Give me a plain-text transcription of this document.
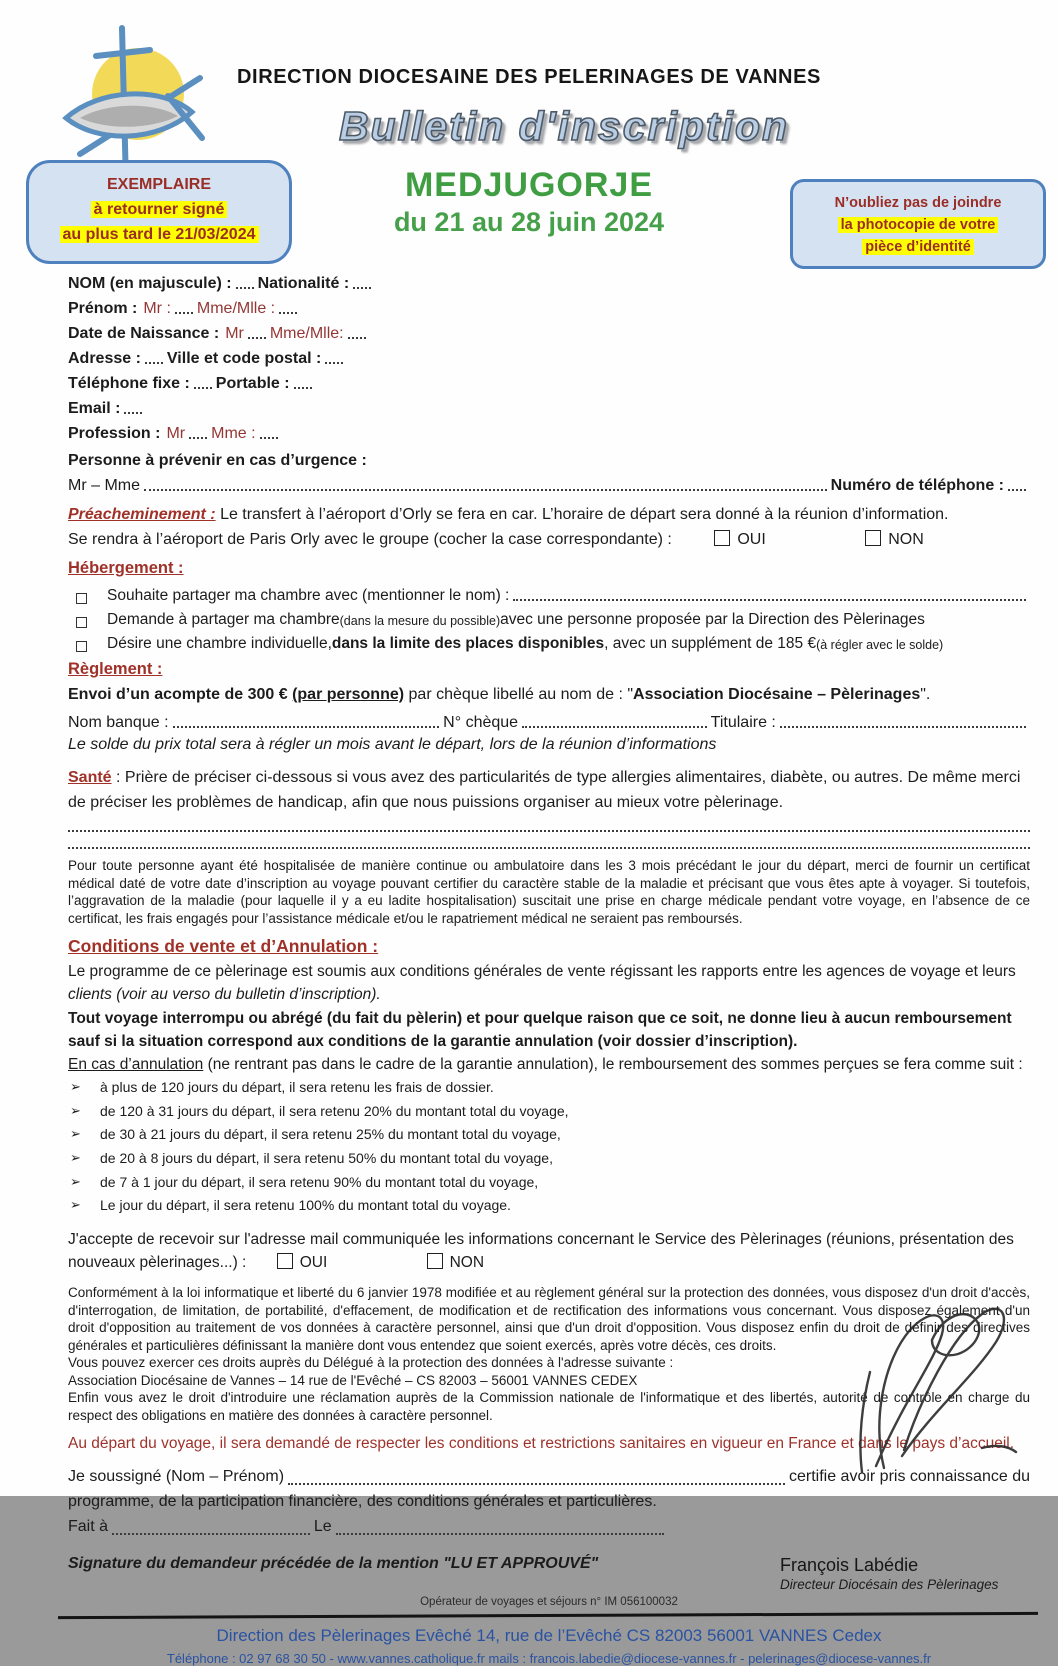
DIRECTION DIOCESAINE DES PELERINAGES DE VANNES
Bulletin d'inscription
MEDJUGORJE
du 21 au 28 juin 2024
EXEMPLAIRE
à retourner signé
au plus tard le 21/03/2024
N’oubliez pas de joindre
la photocopie de votre
pièce d’identité
NOM (en majuscule) : Nationalité :
Prénom : Mr : Mme/Mlle :
Date de Naissance : Mr Mme/Mlle:
Adresse : Ville et code postal :
Téléphone fixe : Portable :
Email :
Profession : Mr Mme :
Personne à prévenir en cas d’urgence :
Mr – Mme	Numéro de téléphone :
Préacheminement : Le transfert à l’aéroport d’Orly se fera en car. L’horaire de départ sera donné à la réunion d’information.
Se rendra à l’aéroport de Paris Orly avec le groupe (cocher la case correspondante) :	OUI	NON
Hébergement :
Souhaite partager ma chambre avec (mentionner le nom) :
Demande à partager ma chambre (dans la mesure du possible) avec une personne proposée par la Direction des Pèlerinages
Désire une chambre individuelle, dans la limite des places disponibles , avec un supplément de 185 € (à régler avec le solde)
Règlement :
Envoi d’un acompte de 300 € (par personne) par chèque libellé au nom de : "Association Diocésaine – Pèlerinages".
Nom banque :	N° chèque	Titulaire :
Le solde du prix total sera à régler un mois avant le départ, lors de la réunion d’informations
Santé : Prière de préciser ci-dessous si vous avez des particularités de type allergies alimentaires, diabète, ou autres. De même merci de préciser les problèmes de handicap, afin que nous puissions organiser au mieux votre pèlerinage.
Pour toute personne ayant été hospitalisée de manière continue ou ambulatoire dans les 3 mois précédant le jour du départ, merci de fournir un certificat médical daté de votre date d’inscription au voyage pouvant certifier du caractère stable de la maladie et précisant que vous êtes apte à voyager. Si toutefois, l’aggravation de la maladie (pour laquelle il y a eu ladite hospitalisation) suscitait une prise en charge médicale pendant votre voyage, en l’absence de ce certificat, les frais engagés pour l’assistance médicale et/ou le rapatriement médical ne seraient pas remboursés.
Conditions de vente et d’Annulation :
Le programme de ce pèlerinage est soumis aux conditions générales de vente régissant les rapports entre les agences de voyage et leurs clients (voir au verso du bulletin d’inscription).
Tout voyage interrompu ou abrégé (du fait du pèlerin) et pour quelque raison que ce soit, ne donne lieu à aucun remboursement sauf si la situation correspond aux conditions de la garantie annulation (voir dossier d’inscription).
En cas d’annulation (ne rentrant pas dans le cadre de la garantie annulation), le remboursement des sommes perçues se fera comme suit :
➢	à plus de 120 jours du départ, il sera retenu les frais de dossier.
➢	de 120 à 31 jours du départ, il sera retenu 20% du montant total du voyage,
➢	de 30 à 21 jours du départ, il sera retenu 25% du montant total du voyage,
➢	de 20 à 8 jours du départ, il sera retenu 50% du montant total du voyage,
➢	de 7 à 1 jour du départ, il sera retenu 90% du montant total du voyage,
➢	Le jour du départ, il sera retenu 100% du montant total du voyage.
J'accepte de recevoir sur l'adresse mail communiquée les informations concernant le Service des Pèlerinages (réunions, présentation des nouveaux pèlerinages...) :	OUI	NON
Conformément à la loi informatique et liberté du 6 janvier 1978 modifiée et au règlement général sur la protection des données, vous disposez d'un droit d'accès, d'interrogation, de limitation, de portabilité, d'effacement, de modification et de rectification des informations vous concernant. Vous disposez également d'un droit d'opposition au traitement de vos données à caractère personnel, ainsi que d'un droit d'opposition. Vous disposez enfin du droit de définir des directives générales et particulières définissant la manière dont vous entendez que soient exercés, après votre décès, ces droits.
Vous pouvez exercer ces droits auprès du Délégué à la protection des données à l'adresse suivante :
Association Diocésaine de Vannes – 14 rue de l'Evêché – CS 82003 – 56001 VANNES CEDEX
Enfin vous avez le droit d'introduire une réclamation auprès de la Commission nationale de l'informatique et des libertés, autorité de contrôle en charge du respect des obligations en matière des données à caractère personnel.
Au départ du voyage, il sera demandé de respecter les conditions et restrictions sanitaires en vigueur en France et dans le pays d’accueil.
Je soussigné (Nom – Prénom)	certifie avoir pris connaissance du
programme, de la participation financière, des conditions générales et particulières.
Fait à	Le
Signature du demandeur précédée de la mention "LU ET APPROUVÉ"	François Labédie
Directeur Diocésain des Pèlerinages
Opérateur de voyages et séjours n° IM 056100032
Direction des Pèlerinages Evêché 14, rue de l’Evêché CS 82003 56001 VANNES Cedex
Téléphone : 02 97 68 30 50 - www.vannes.catholique.fr mails : francois.labedie@diocese-vannes.fr - pelerinages@diocese-vannes.fr
